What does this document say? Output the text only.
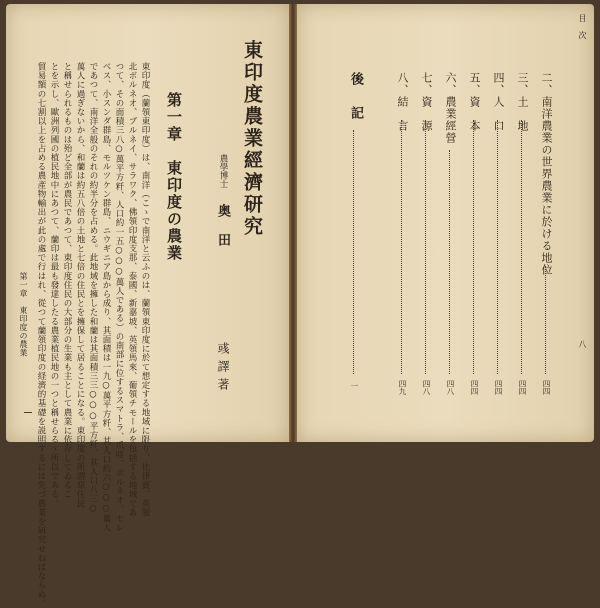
東印度農業經濟研究
農學博士
奥田
彧譯著
第一章　東印度の農業
東印度（蘭領東印度）は、南洋（こゝで南洋と云ふのは、蘭領東印度に於て想定する地域に限り、比律賓、英領
北ボルネオ、ブルネイ、サラワク、佛領印度支那、泰國、新嘉坡、英領馬來、葡領チモールを包括する地域であ
つて、その面積三八○萬平方粁、人口約一五○○○萬人である）の南部に位するスマトラ、爪哇、ボルネオ、セレ
ベス、小スンダ群島、モルツケン群島、ニウギニア島から成り、其面積は一九○萬平方粁、其人口約六○○○萬人
であつて、南洋全般のそれの約半分を占める。此地域を擁した和蘭は其面積三三○○○平方粁、其人口八三○
萬人に過ぎないから、和蘭は約五八倍の土地と七倍の住民とを擁保して居ることになる。東印度の所謂原住民
と稱せられるものは殆ど全部が農民であつて、東印度住民の大部分の生業も主として農業に依存してゐるこ
とを示し、歐洲列國の植民地中にあつて、蘭印は最も發達したる農業植民地の一つと稱せらるゝ所以である。
貿易額の七割以上を占める農產物輸出が此の處で行はれ、從つて蘭領印度の経濟的基礎を説明するには先づ農業を研究せねばならぬ。
第一章　東印度の農業
目　次
八
二、南洋農業の世界農業に於ける地位
四四
三、土　地
四四
四、人　口
四四
五、資　本
四四
六、農業經營
四八
七、資　源
四八
八、結　言
四九
後　記
一
